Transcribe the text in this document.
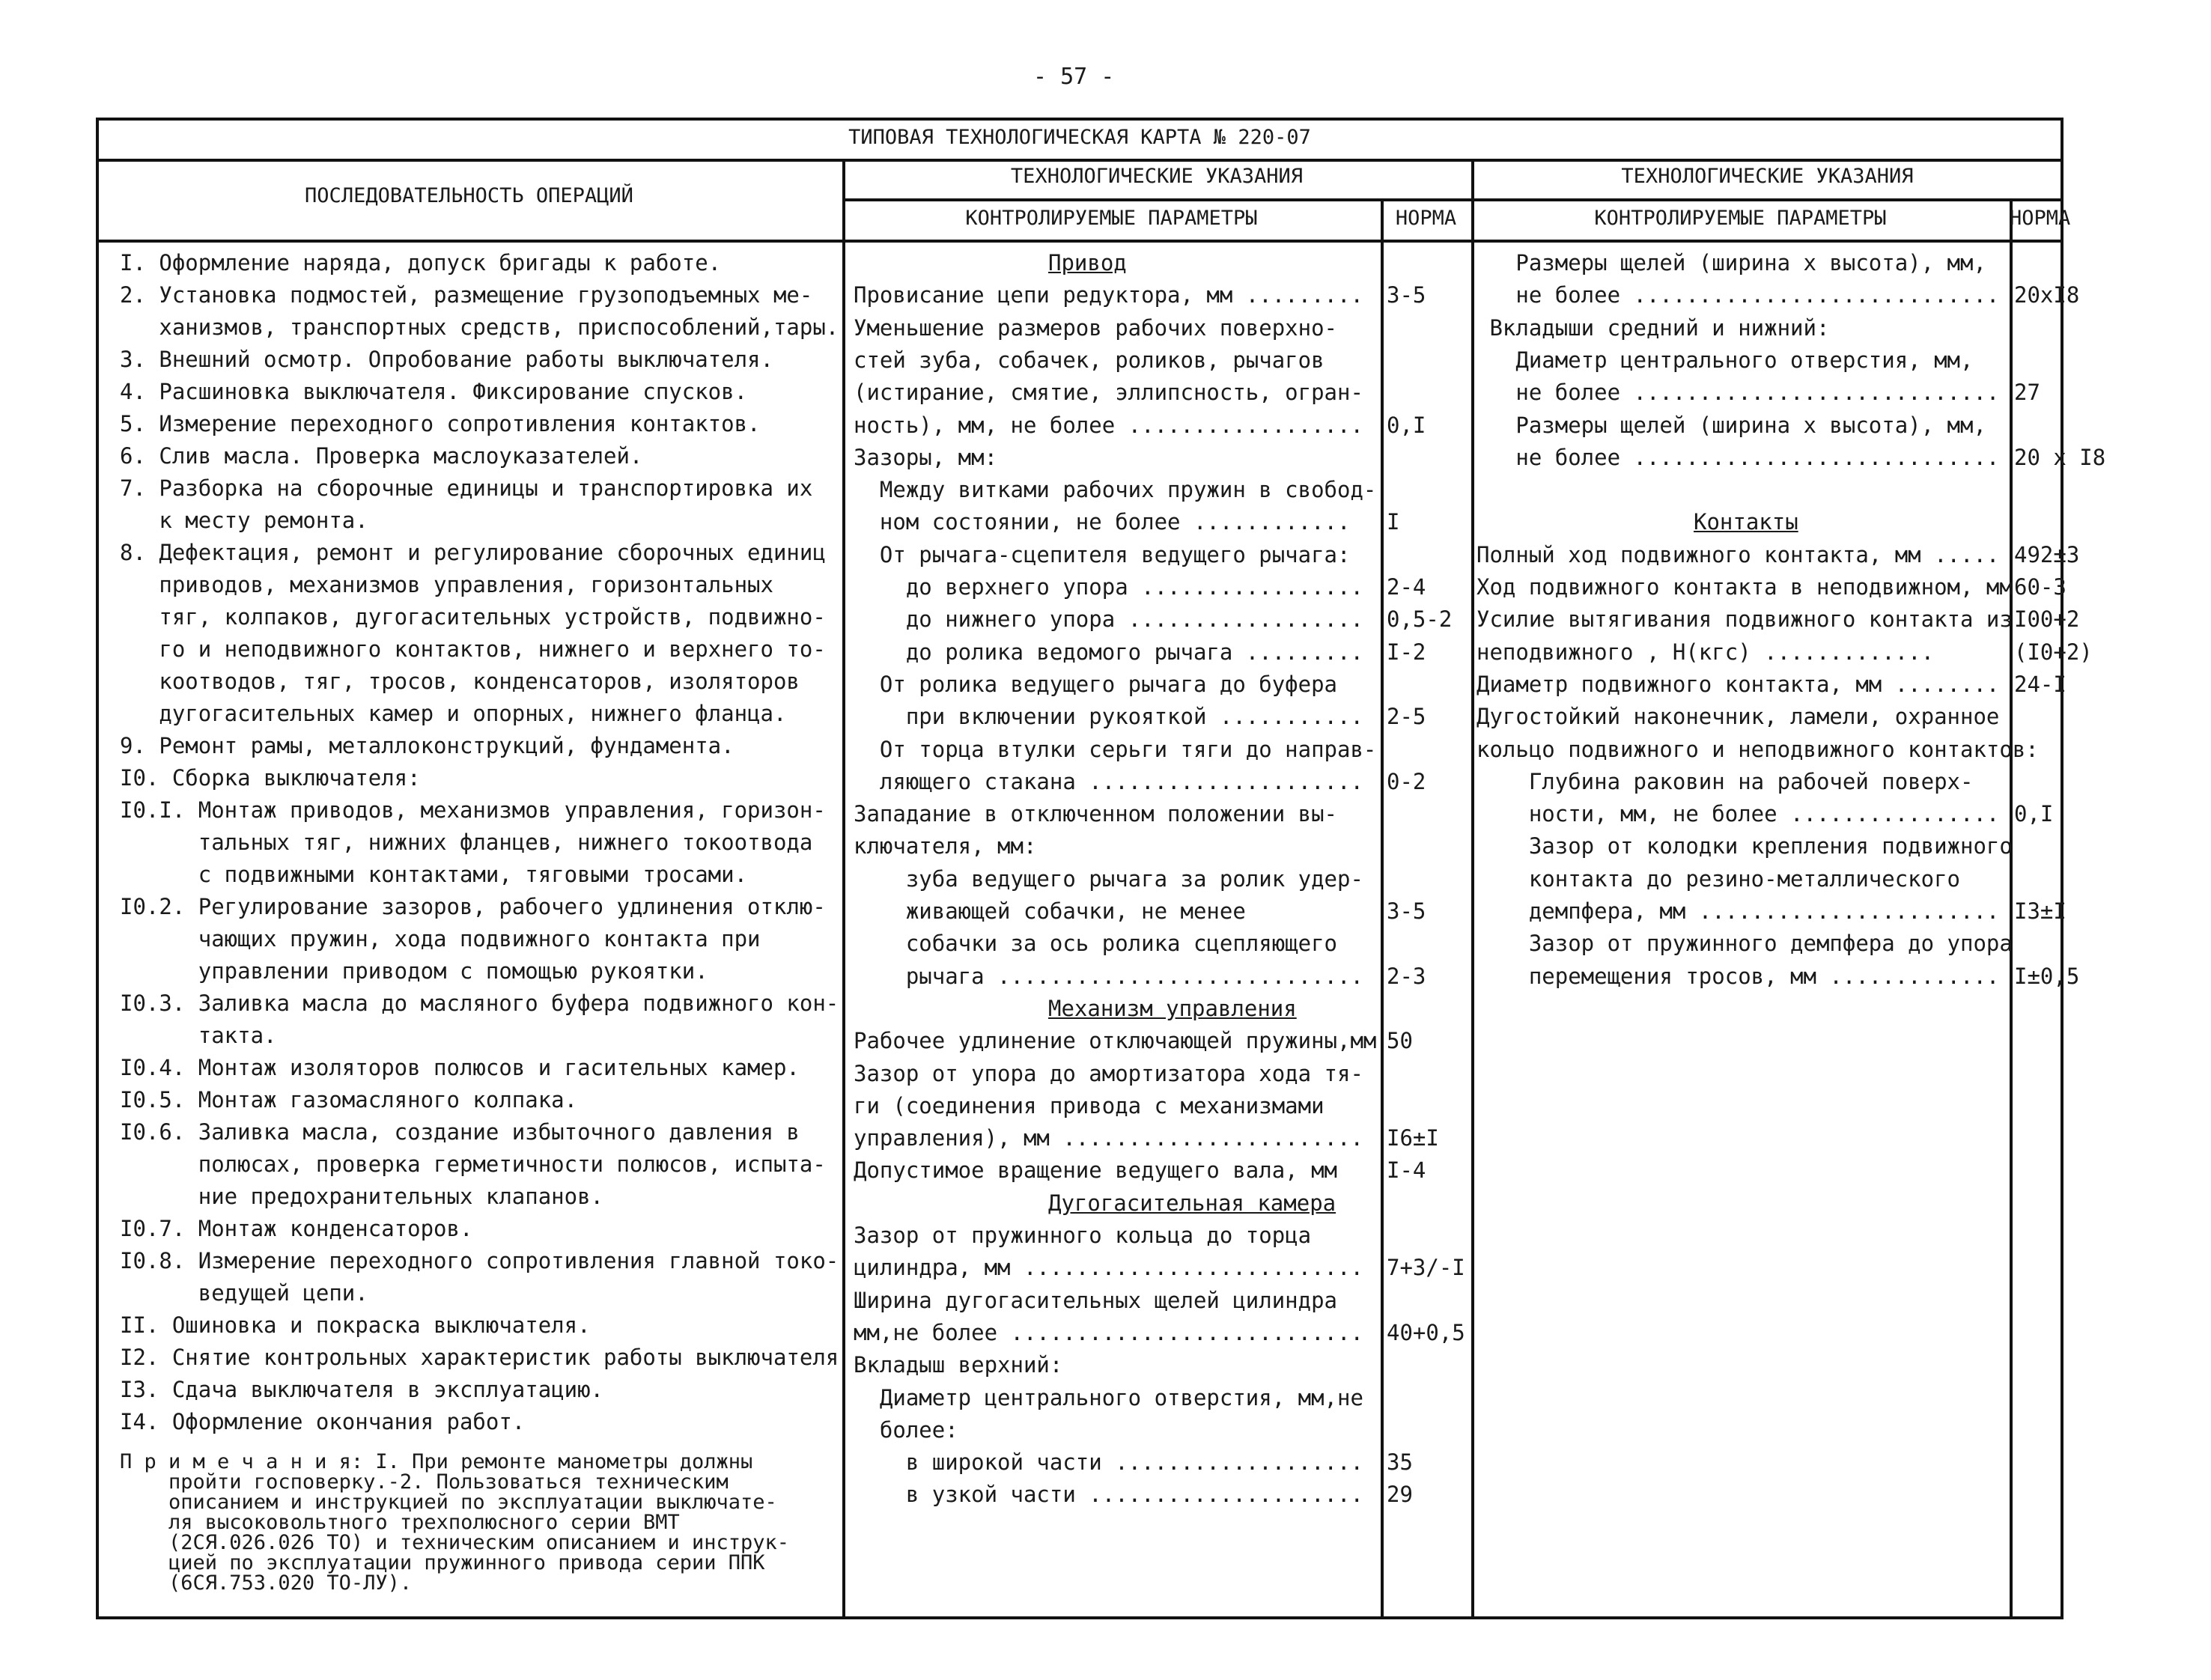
- 57 -
ТИПОВАЯ ТЕХНОЛОГИЧЕСКАЯ КАРТА № 220-07
ПОСЛЕДОВАТЕЛЬНОСТЬ ОПЕРАЦИЙ
ТЕХНОЛОГИЧЕСКИЕ УКАЗАНИЯ
КОНТРОЛИРУЕМЫЕ ПАРАМЕТРЫ	НОРМА
ТЕХНОЛОГИЧЕСКИЕ УКАЗАНИЯ
КОНТРОЛИРУЕМЫЕ ПАРАМЕТРЫ	НОРМА
I. Оформление наряда, допуск бригады к работе.
2. Установка подмостей, размещение грузоподъемных ме-
ханизмов, транспортных средств, приспособлений,тары.
3. Внешний осмотр. Опробование работы выключателя.
4. Расшиновка выключателя. Фиксирование спусков.
5. Измерение переходного сопротивления контактов.
6. Слив масла. Проверка маслоуказателей.
7. Разборка на сборочные единицы и транспортировка их
к месту ремонта.
8. Дефектация, ремонт и регулирование сборочных единиц
приводов, механизмов управления, горизонтальных
тяг, колпаков, дугогасительных устройств, подвижно-
го и неподвижного контактов, нижнего и верхнего то-
коотводов, тяг, тросов, конденсаторов, изоляторов
дугогасительных камер и опорных, нижнего фланца.
9. Ремонт рамы, металлоконструкций, фундамента.
I0. Сборка выключателя:
I0.I. Монтаж приводов, механизмов управления, горизон-
тальных тяг, нижних фланцев, нижнего токоотвода
с подвижными контактами, тяговыми тросами.
I0.2. Регулирование зазоров, рабочего удлинения отклю-
чающих пружин, хода подвижного контакта при
управлении приводом с помощью рукоятки.
I0.3. Заливка масла до масляного буфера подвижного кон-
такта.
I0.4. Монтаж изоляторов полюсов и гасительных камер.
I0.5. Монтаж газомасляного колпака.
I0.6. Заливка масла, создание избыточного давления в
полюсах, проверка герметичности полюсов, испыта-
ние предохранительных клапанов.
I0.7. Монтаж конденсаторов.
I0.8. Измерение переходного сопротивления главной токо-
ведущей цепи.
II. Ошиновка и покраска выключателя.
I2. Снятие контрольных характеристик работы выключателя
I3. Сдача выключателя в эксплуатацию.
I4. Оформление окончания работ.
П р и м е ч а н и я: I. При ремонте манометры должны
пройти госповерку.-2. Пользоваться техническим
описанием и инструкцией по эксплуатации выключате-
ля высоковольтного трехполюсного серии ВМТ
(2СЯ.026.026 ТО) и техническим описанием и инструк-
цией по эксплуатации пружинного привода серии ППК
(6СЯ.753.020 ТО-ЛУ).
Привод
Провисание цепи редуктора, мм ......... 3-5
Уменьшение размеров рабочих поверхно-
стей зуба, собачек, роликов, рычагов
(истирание, смятие, эллипсность, огран-
ность), мм, не более .................. 0,I
Зазоры, мм:
Между витками рабочих пружин в свобод-
ном состоянии, не более ............ I
От рычага-сцепителя ведущего рычага:
до верхнего упора ................. 2-4
до нижнего упора .................. 0,5-2
до ролика ведомого рычага ......... I-2
От ролика ведущего рычага до буфера
при включении рукояткой ........... 2-5
От торца втулки серьги тяги до направ-
ляющего стакана ..................... 0-2
Западание в отключенном положении вы-
ключателя, мм:
зуба ведущего рычага за ролик удер-
живающей собачки, не менее	3-5
собачки за ось ролика сцепляющего
рычага ............................ 2-3
Механизм управления
Рабочее удлинение отключающей пружины,мм 50
Зазор от упора до амортизатора хода тя-
ги (соединения привода с механизмами
управления), мм ....................... I6±I
Допустимое вращение ведущего вала, мм I-4
Дугогасительная камера
Зазор от пружинного кольца до торца
цилиндра, мм .......................... 7+3/-I
Ширина дугогасительных щелей цилиндра
мм,не более ........................... 40+0,5
Вкладыш верхний:
Диаметр центрального отверстия, мм,не
более:
в широкой части ................... 35
в узкой части ..................... 29
Размеры щелей (ширина х высота), мм,
не более ............................ 20xI8
Вкладыши средний и нижний:
Диаметр центрального отверстия, мм,
не более ............................ 27
Размеры щелей (ширина х высота), мм,
не более ............................ 20 x I8
Контакты
Полный ход подвижного контакта, мм ..... 492±3
Ход подвижного контакта в неподвижном, мм 60-3
Усилие вытягивания подвижного контакта из I00+2
неподвижного , Н(кгс) .............	(I0+2)
Диаметр подвижного контакта, мм ........ 24-I
Дугостойкий наконечник, ламели, охранное
кольцо подвижного и неподвижного контактов:
Глубина раковин на рабочей поверх-
ности, мм, не более ................ 0,I
Зазор от колодки крепления подвижного
контакта до резино-металлического
демпфера, мм ....................... I3±I
Зазор от пружинного демпфера до упора
перемещения тросов, мм ............. I±0,5
